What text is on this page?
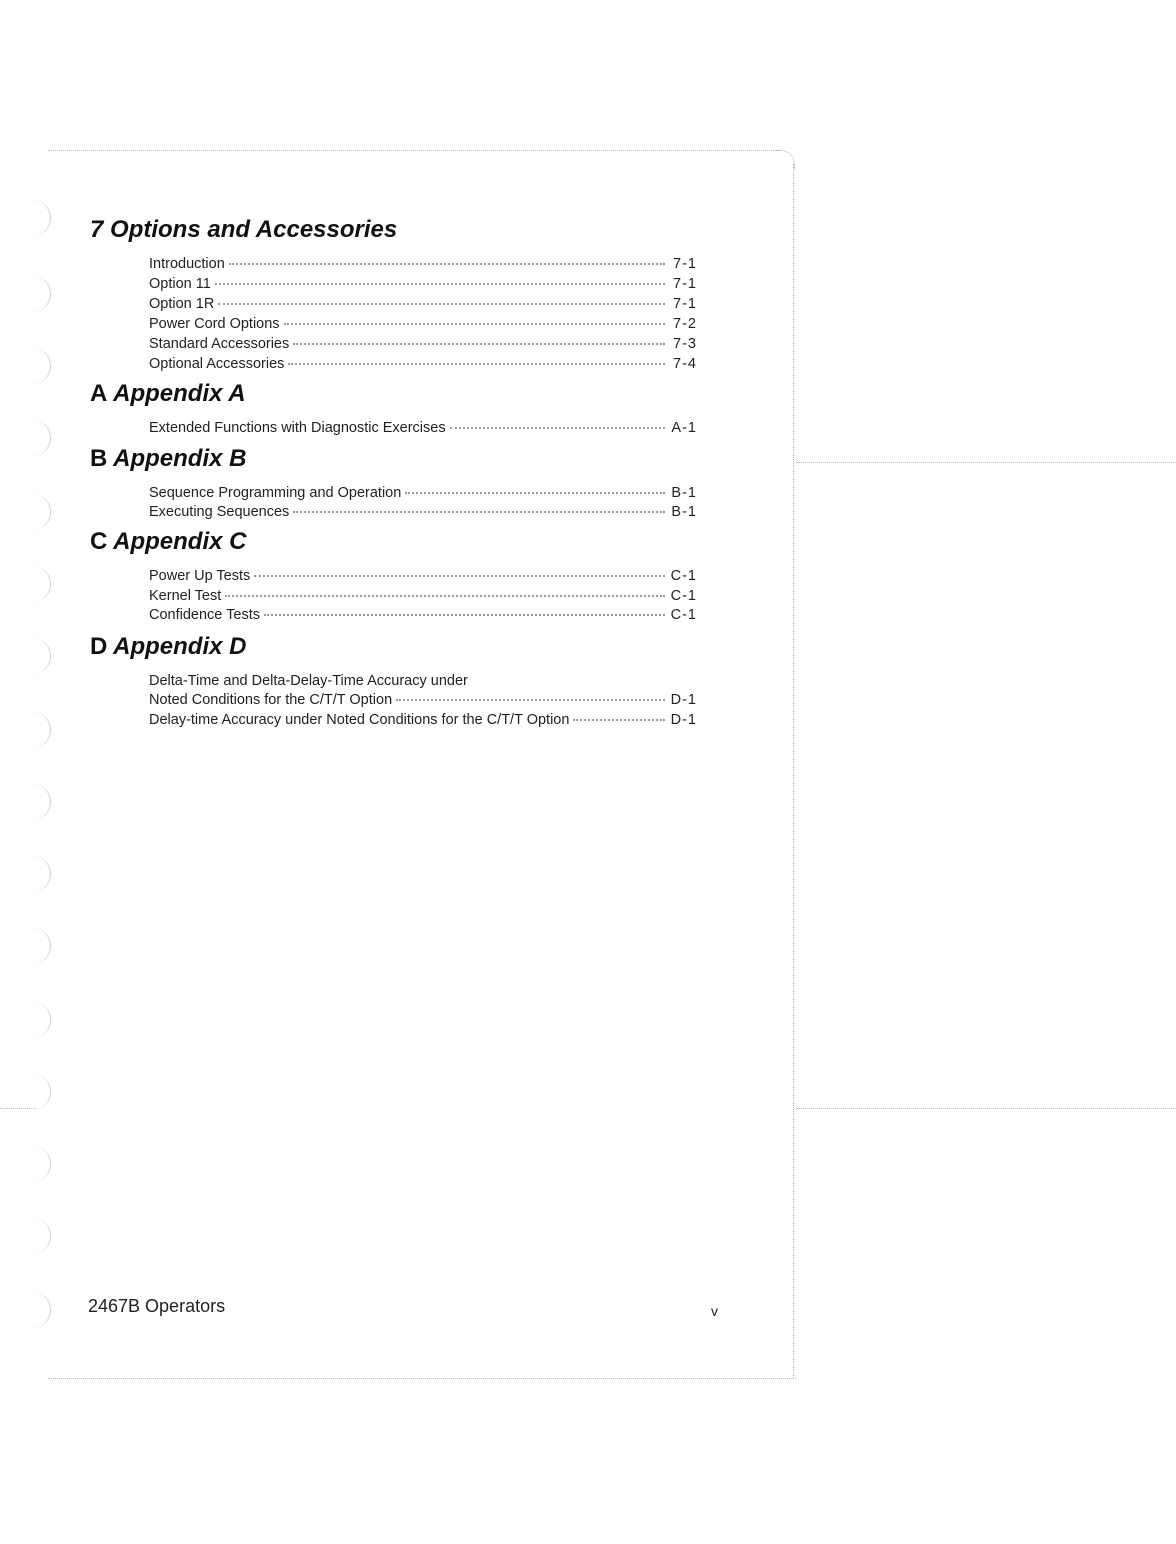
7 Options and Accessories
Introduction	7-1
Option 11	7-1
Option 1R	7-1
Power Cord Options	7-2
Standard Accessories	7-3
Optional Accessories	7-4
A Appendix A
Extended Functions with Diagnostic Exercises	A-1
B Appendix B
Sequence Programming and Operation	B-1
Executing Sequences	B-1
C Appendix C
Power Up Tests	C-1
Kernel Test	C-1
Confidence Tests	C-1
D Appendix D
Delta-Time and Delta-Delay-Time Accuracy under
Noted Conditions for the C/T/T Option	D-1
Delay-time Accuracy under Noted Conditions for the C/T/T Option	D-1
2467B Operators	v
